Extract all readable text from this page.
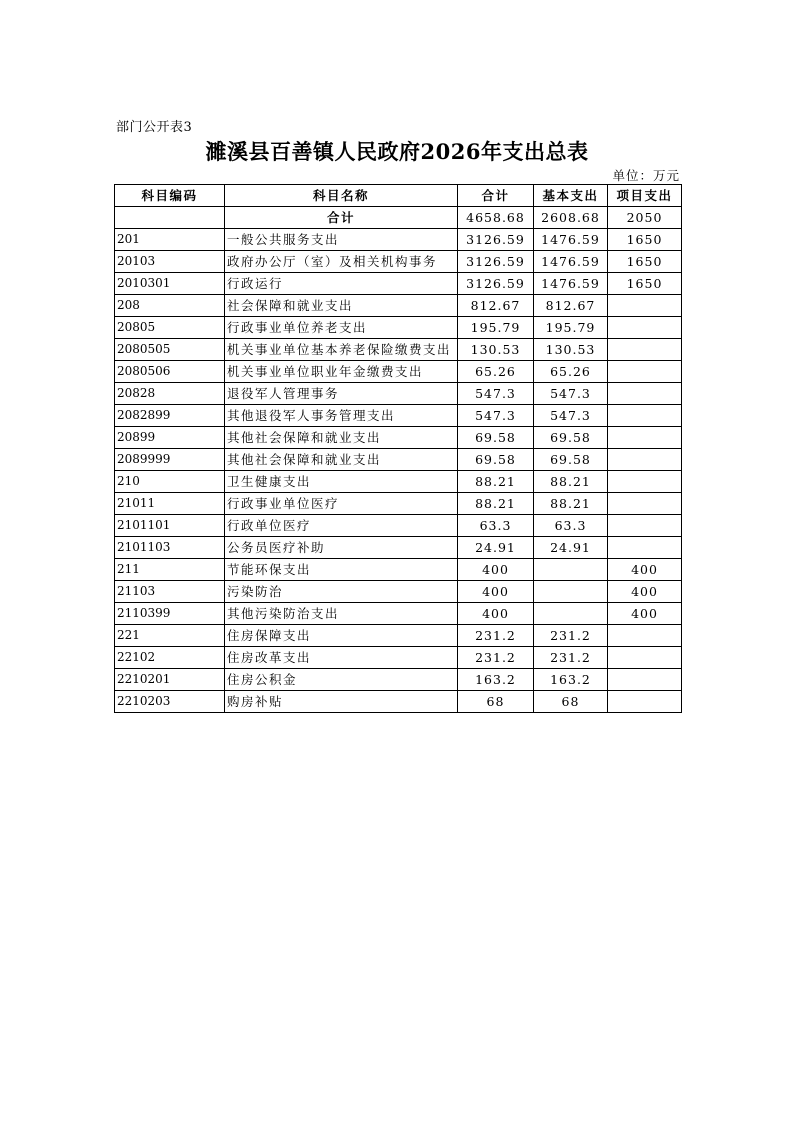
部门公开表3
濉溪县百善镇人民政府2026年支出总表
单位：万元
科目编码	科目名称	合计	基本支出	项目支出
	合计	4658.68	2608.68	2050
201	一般公共服务支出	3126.59	1476.59	1650
20103	政府办公厅（室）及相关机构事务	3126.59	1476.59	1650
2010301	行政运行	3126.59	1476.59	1650
208	社会保障和就业支出	812.67	812.67	
20805	行政事业单位养老支出	195.79	195.79	
2080505	机关事业单位基本养老保险缴费支出	130.53	130.53	
2080506	机关事业单位职业年金缴费支出	65.26	65.26	
20828	退役军人管理事务	547.3	547.3	
2082899	其他退役军人事务管理支出	547.3	547.3	
20899	其他社会保障和就业支出	69.58	69.58	
2089999	其他社会保障和就业支出	69.58	69.58	
210	卫生健康支出	88.21	88.21	
21011	行政事业单位医疗	88.21	88.21	
2101101	行政单位医疗	63.3	63.3	
2101103	公务员医疗补助	24.91	24.91	
211	节能环保支出	400		400
21103	污染防治	400		400
2110399	其他污染防治支出	400		400
221	住房保障支出	231.2	231.2	
22102	住房改革支出	231.2	231.2	
2210201	住房公积金	163.2	163.2	
2210203	购房补贴	68	68	
